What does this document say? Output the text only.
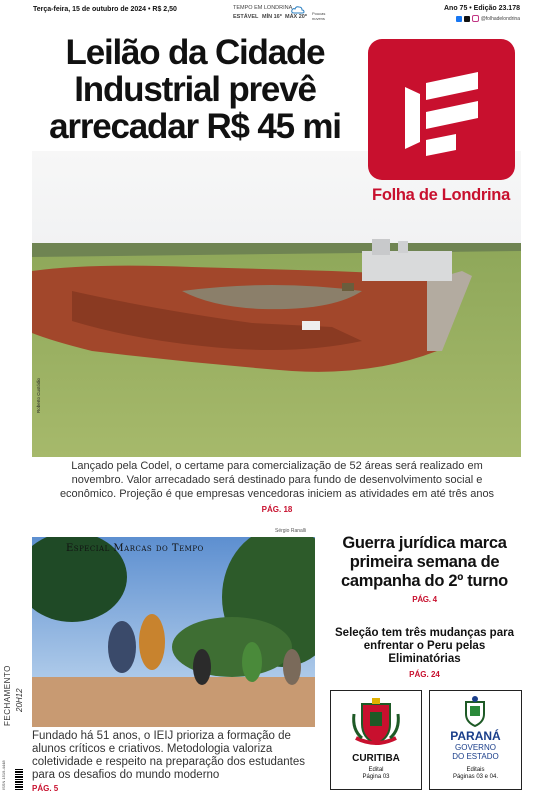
Terça-feira, 15 de outubro de 2024 • R$ 2,50	TEMPO EM LONDRINA
ESTÁVEL MÍN 16º MÁX 20º
Poucas nuvens
Ano 75 • Edição 23.178
@folhadelondrina
Leilão da Cidade Industrial prevê arrecadar R$ 45 mi
Roberto Custódio
Folha de Londrina
Lançado pela Codel, o certame para comercialização de 52 áreas será realizado em novembro. Valor arrecadado será destinado para fundo de desenvolvimento social e econômico. Projeção é que empresas vencedoras iniciem as atividades em até três anos
PÁG. 18
Sérgio Ranalli
Especial Marcas do Tempo
Fundado há 51 anos, o IEIJ prioriza a formação de alunos críticos e criativos. Metodologia valoriza coletividade e respeito na preparação dos estudantes para os desafios do mundo moderno
PÁG. 5
FECHAMENTO 20H12
ISSN 1519-4448
Guerra jurídica marca primeira semana de campanha do 2º turno
PÁG. 4
Seleção tem três mudanças para enfrentar o Peru pelas Eliminatórias
PÁG. 24
CURITIBA
Edital
Página 03
PARANÁ
GOVERNO
DO ESTADO
Editais
Páginas 03 e 04.
